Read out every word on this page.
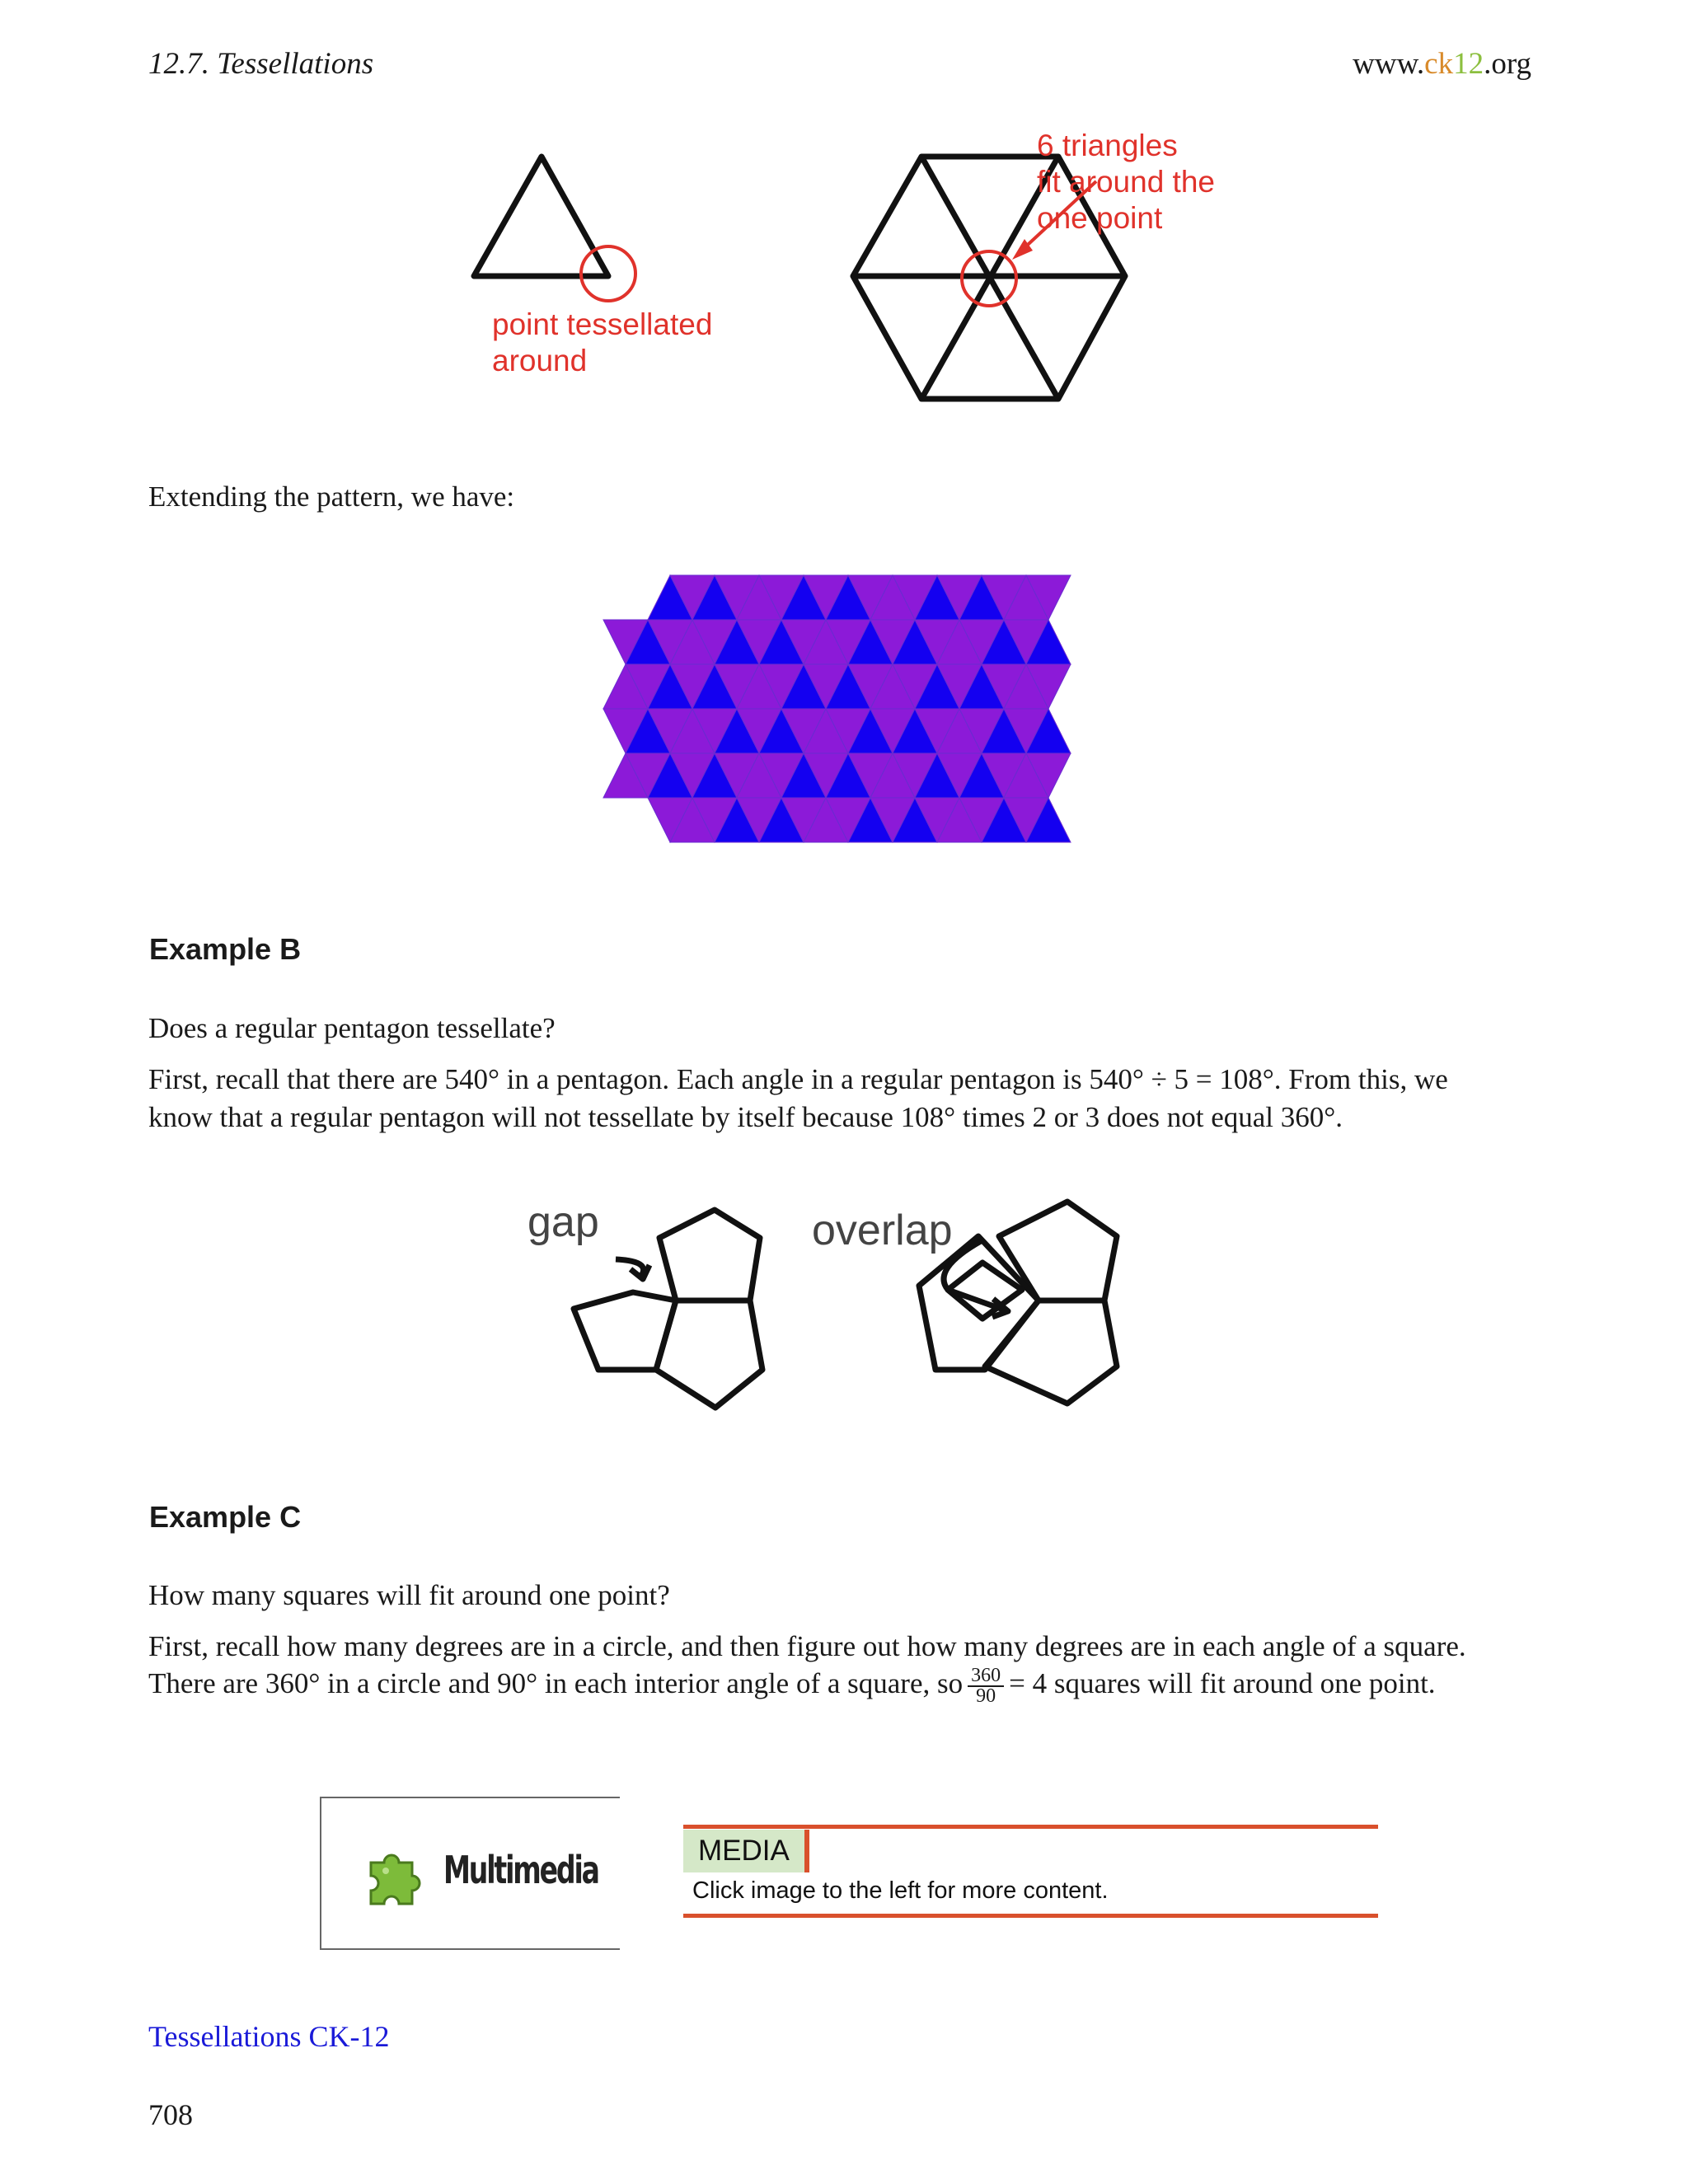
12.7. Tessellations	www.ck12.org
point tessellated
around
6 triangles
fit around the
one point
Extending the pattern, we have:
Example B
Does a regular pentagon tessellate?
First, recall that there are 540° in a pentagon. Each angle in a regular pentagon is 540° ÷ 5 = 108°. From this, we
know that a regular pentagon will not tessellate by itself because 108° times 2 or 3 does not equal 360°.
gap	overlap
Example C
How many squares will fit around one point?
First, recall how many degrees are in a circle, and then figure out how many degrees are in each angle of a square.
There are 360° in a circle and 90° in each interior angle of a square, so $\frac{360}{90} = 4$ squares will fit around one point.
Multimedia	MEDIA
Click image to the left for more content.
Tessellations CK-12
708
